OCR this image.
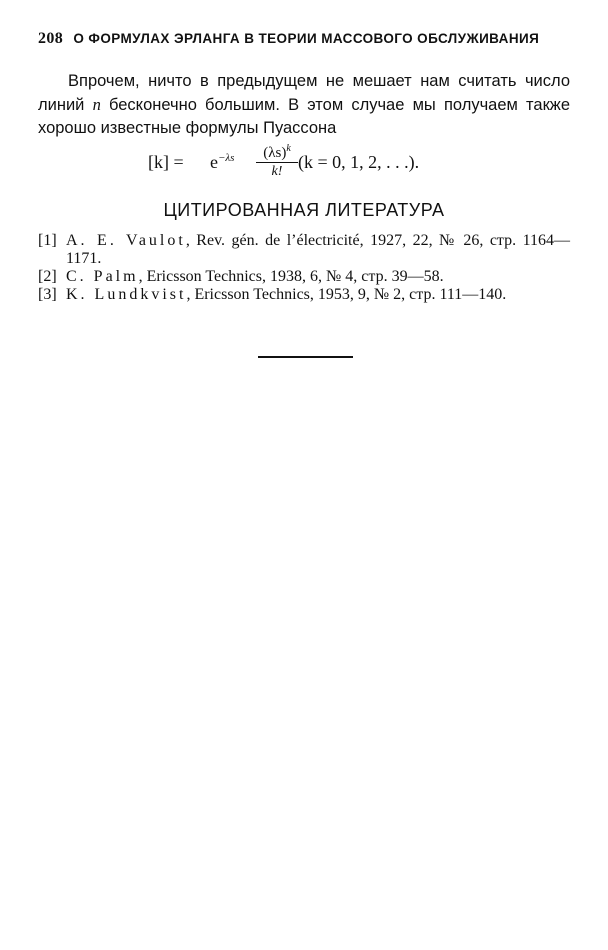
208 О ФОРМУЛАХ ЭРЛАНГА В ТЕОРИИ МАССОВОГО ОБСЛУЖИВАНИЯ
Впрочем, ничто в предыдущем не мешает нам считать число линий n бесконечно большим. В этом случае мы получаем также хорошо известные формулы Пуассона
$[k] = e^{-\lambda s} \frac{(\lambda s)^k}{k!} (k = 0$, 1, 2, . . .).
ЦИТИРОВАННАЯ ЛИТЕРАТУРА
[1] A. E. Vaulot, Rev. gén. de l’électricité, 1927, 22, № 26, стр. 1164—1171.
[2] C. Palm, Ericsson Technics, 1938, 6, № 4, стр. 39—58.
[3] K. Lundkvist, Ericsson Technics, 1953, 9, № 2, стр. 111—140.
